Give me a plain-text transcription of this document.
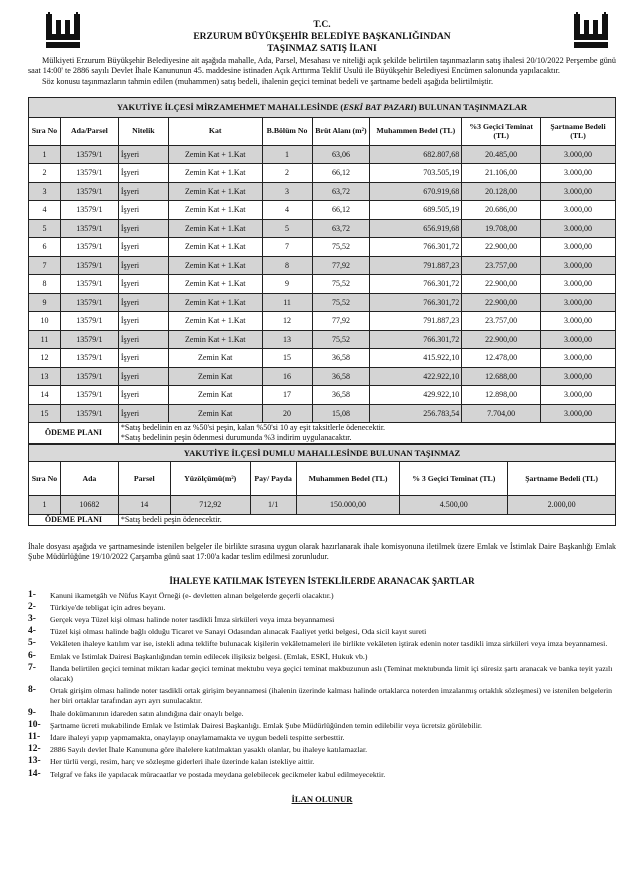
T.C.
ERZURUM BÜYÜKŞEHİR BELEDİYE BAŞKANLIĞINDAN
TAŞINMAZ SATIŞ İLANI

Mülkiyeti Erzurum Büyükşehir Belediyesine ait aşağıda mahalle, Ada, Parsel, Mesahası ve niteliği açık şekilde belirtilen taşınmazların satış ihalesi 20/10/2022 Perşembe günü saat 14:00' te 2886 sayılı Devlet İhale Kanununun 45. maddesine istinaden Açık Arttırma Teklif Usulü ile Büyükşehir Belediyesi Encümen salonunda yapılacaktır.

Söz konusu taşınmazların tahmin edilen (muhammen) satış bedeli, ihalenin geçici teminat bedeli ve şartname bedeli aşağıda belirtilmiştir.

YAKUTİYE İLÇESİ MİRZAMEHMET MAHALLESİNDE (ESKİ BAT PAZARI) BULUNAN TAŞINMAZLAR								
Sıra No	Ada/Parsel	Nitelik	Kat	B.Bölüm No	Brüt Alanı (m²)	Muhammen Bedel (TL)	%3 Geçici Teminat (TL)	Şartname Bedeli (TL)
1	13579/1	İşyeri	Zemin Kat + 1.Kat	1	63,06	682.807,68	20.485,00	3.000,00
2	13579/1	İşyeri	Zemin Kat + 1.Kat	2	66,12	703.505,19	21.106,00	3.000,00
3	13579/1	İşyeri	Zemin Kat + 1.Kat	3	63,72	670.919,68	20.128,00	3.000,00
4	13579/1	İşyeri	Zemin Kat + 1.Kat	4	66,12	689.505,19	20.686,00	3.000,00
5	13579/1	İşyeri	Zemin Kat + 1.Kat	5	63,72	656.919,68	19.708,00	3.000,00
6	13579/1	İşyeri	Zemin Kat + 1.Kat	7	75,52	766.301,72	22.900,00	3.000,00
7	13579/1	İşyeri	Zemin Kat + 1.Kat	8	77,92	791.887,23	23.757,00	3.000,00
8	13579/1	İşyeri	Zemin Kat + 1.Kat	9	75,52	766.301,72	22.900,00	3.000,00
9	13579/1	İşyeri	Zemin Kat + 1.Kat	11	75,52	766.301,72	22.900,00	3.000,00
10	13579/1	İşyeri	Zemin Kat + 1.Kat	12	77,92	791.887,23	23.757,00	3.000,00
11	13579/1	İşyeri	Zemin Kat + 1.Kat	13	75,52	766.301,72	22.900,00	3.000,00
12	13579/1	İşyeri	Zemin Kat	15	36,58	415.922,10	12.478,00	3.000,00
13	13579/1	İşyeri	Zemin Kat	16	36,58	422.922,10	12.688,00	3.000,00
14	13579/1	İşyeri	Zemin Kat	17	36,58	429.922,10	12.898,00	3.000,00
15	13579/1	İşyeri	Zemin Kat	20	15,08	256.783,54	7.704,00	3.000,00
ÖDEME PLANI		*Satış bedelinin en az %50'si peşin, kalan %50'si 10 ay eşit taksitlerle ödenecektir.
*Satış bedelinin peşin ödenmesi durumunda %3 indirim uygulanacaktır.						
YAKUTİYE İLÇESİ DUMLU MAHALLESİNDE BULUNAN TAŞINMAZ							
Sıra No	Ada	Parsel	Yüzölçümü(m²)	Pay/ Payda	Muhammen Bedel (TL)	% 3 Geçici Teminat (TL)	Şartname Bedeli (TL)
1	10682	14	712,92	1/1	150.000,00	4.500,00	2.000,00
ÖDEME PLANI		*Satış bedeli peşin ödenecektir.					

İhale dosyası aşağıda ve şartnamesinde istenilen belgeler ile birlikte sırasına uygun olarak hazırlanarak ihale komisyonuna iletilmek üzere Emlak ve İstimlak Daire Başkanlığı Emlak Şube Müdürlüğüne 19/10/2022 Çarşamba günü saat 17:00'a kadar teslim edilmesi zorunludur.

İHALEYE KATILMAK İSTEYEN İSTEKLİLERDE ARANACAK ŞARTLAR
1-	Kanuni ikametgâh ve Nüfus Kayıt Örneği (e- devletten alınan belgelerde geçerli olacaktır.)
2-	Türkiye'de tebligat için adres beyanı.
3-	Gerçek veya Tüzel kişi olması halinde noter tasdikli İmza sirküleri veya imza beyannamesi
4-	Tüzel kişi olması halinde bağlı olduğu Ticaret ve Sanayi Odasından alınacak Faaliyet yetki belgesi, Oda sicil kayıt sureti
5-	Vekâleten ihaleye katılım var ise, istekli adına teklifte bulunacak kişilerin vekâletnameleri ile birlikte vekâleten iştirak edenin noter tasdikli imza sirküleri veya imza beyannamesi.
6-	Emlak ve İstimlak Dairesi Başkanlığından temin edilecek ilişiksiz belgesi. (Emlak, ESKİ, Hukuk vb.)
7-	İlanda belirtilen geçici teminat miktarı kadar geçici teminat mektubu veya geçici teminat makbuzunun aslı (Teminat mektubunda limit içi süresiz şartı aranacak ve banka teyit yazılı olacak)
8-	Ortak girişim olması halinde noter tasdikli ortak girişim beyannamesi (ihalenin üzerinde kalması halinde ortaklarca noterden imzalanmış ortaklık sözleşmesi) ve istenilen belgelerin her biri ortaklar tarafından ayrı ayrı sunulacaktır.
9-	İhale dokümanının idareden satın alındığına dair onaylı belge.
10-	Şartname ücreti mukabilinde Emlak ve İstimlak Dairesi Başkanlığı. Emlak Şube Müdürlüğünden temin edilebilir veya ücretsiz görülebilir.
11-	İdare ihaleyi yapıp yapmamakta, onaylayıp onaylamamakta ve uygun bedeli tespitte serbesttir.
12-	2886 Sayılı devlet İhale Kanununa göre ihalelere katılmaktan yasaklı olanlar, bu ihaleye katılamazlar.
13-	Her türlü vergi, resim, harç ve sözleşme giderleri ihale üzerinde kalan istekliye aittir.
14-	Telgraf ve faks ile yapılacak müracaatlar ve postada meydana gelebilecek gecikmeler kabul edilmeyecektir.
İLAN OLUNUR
